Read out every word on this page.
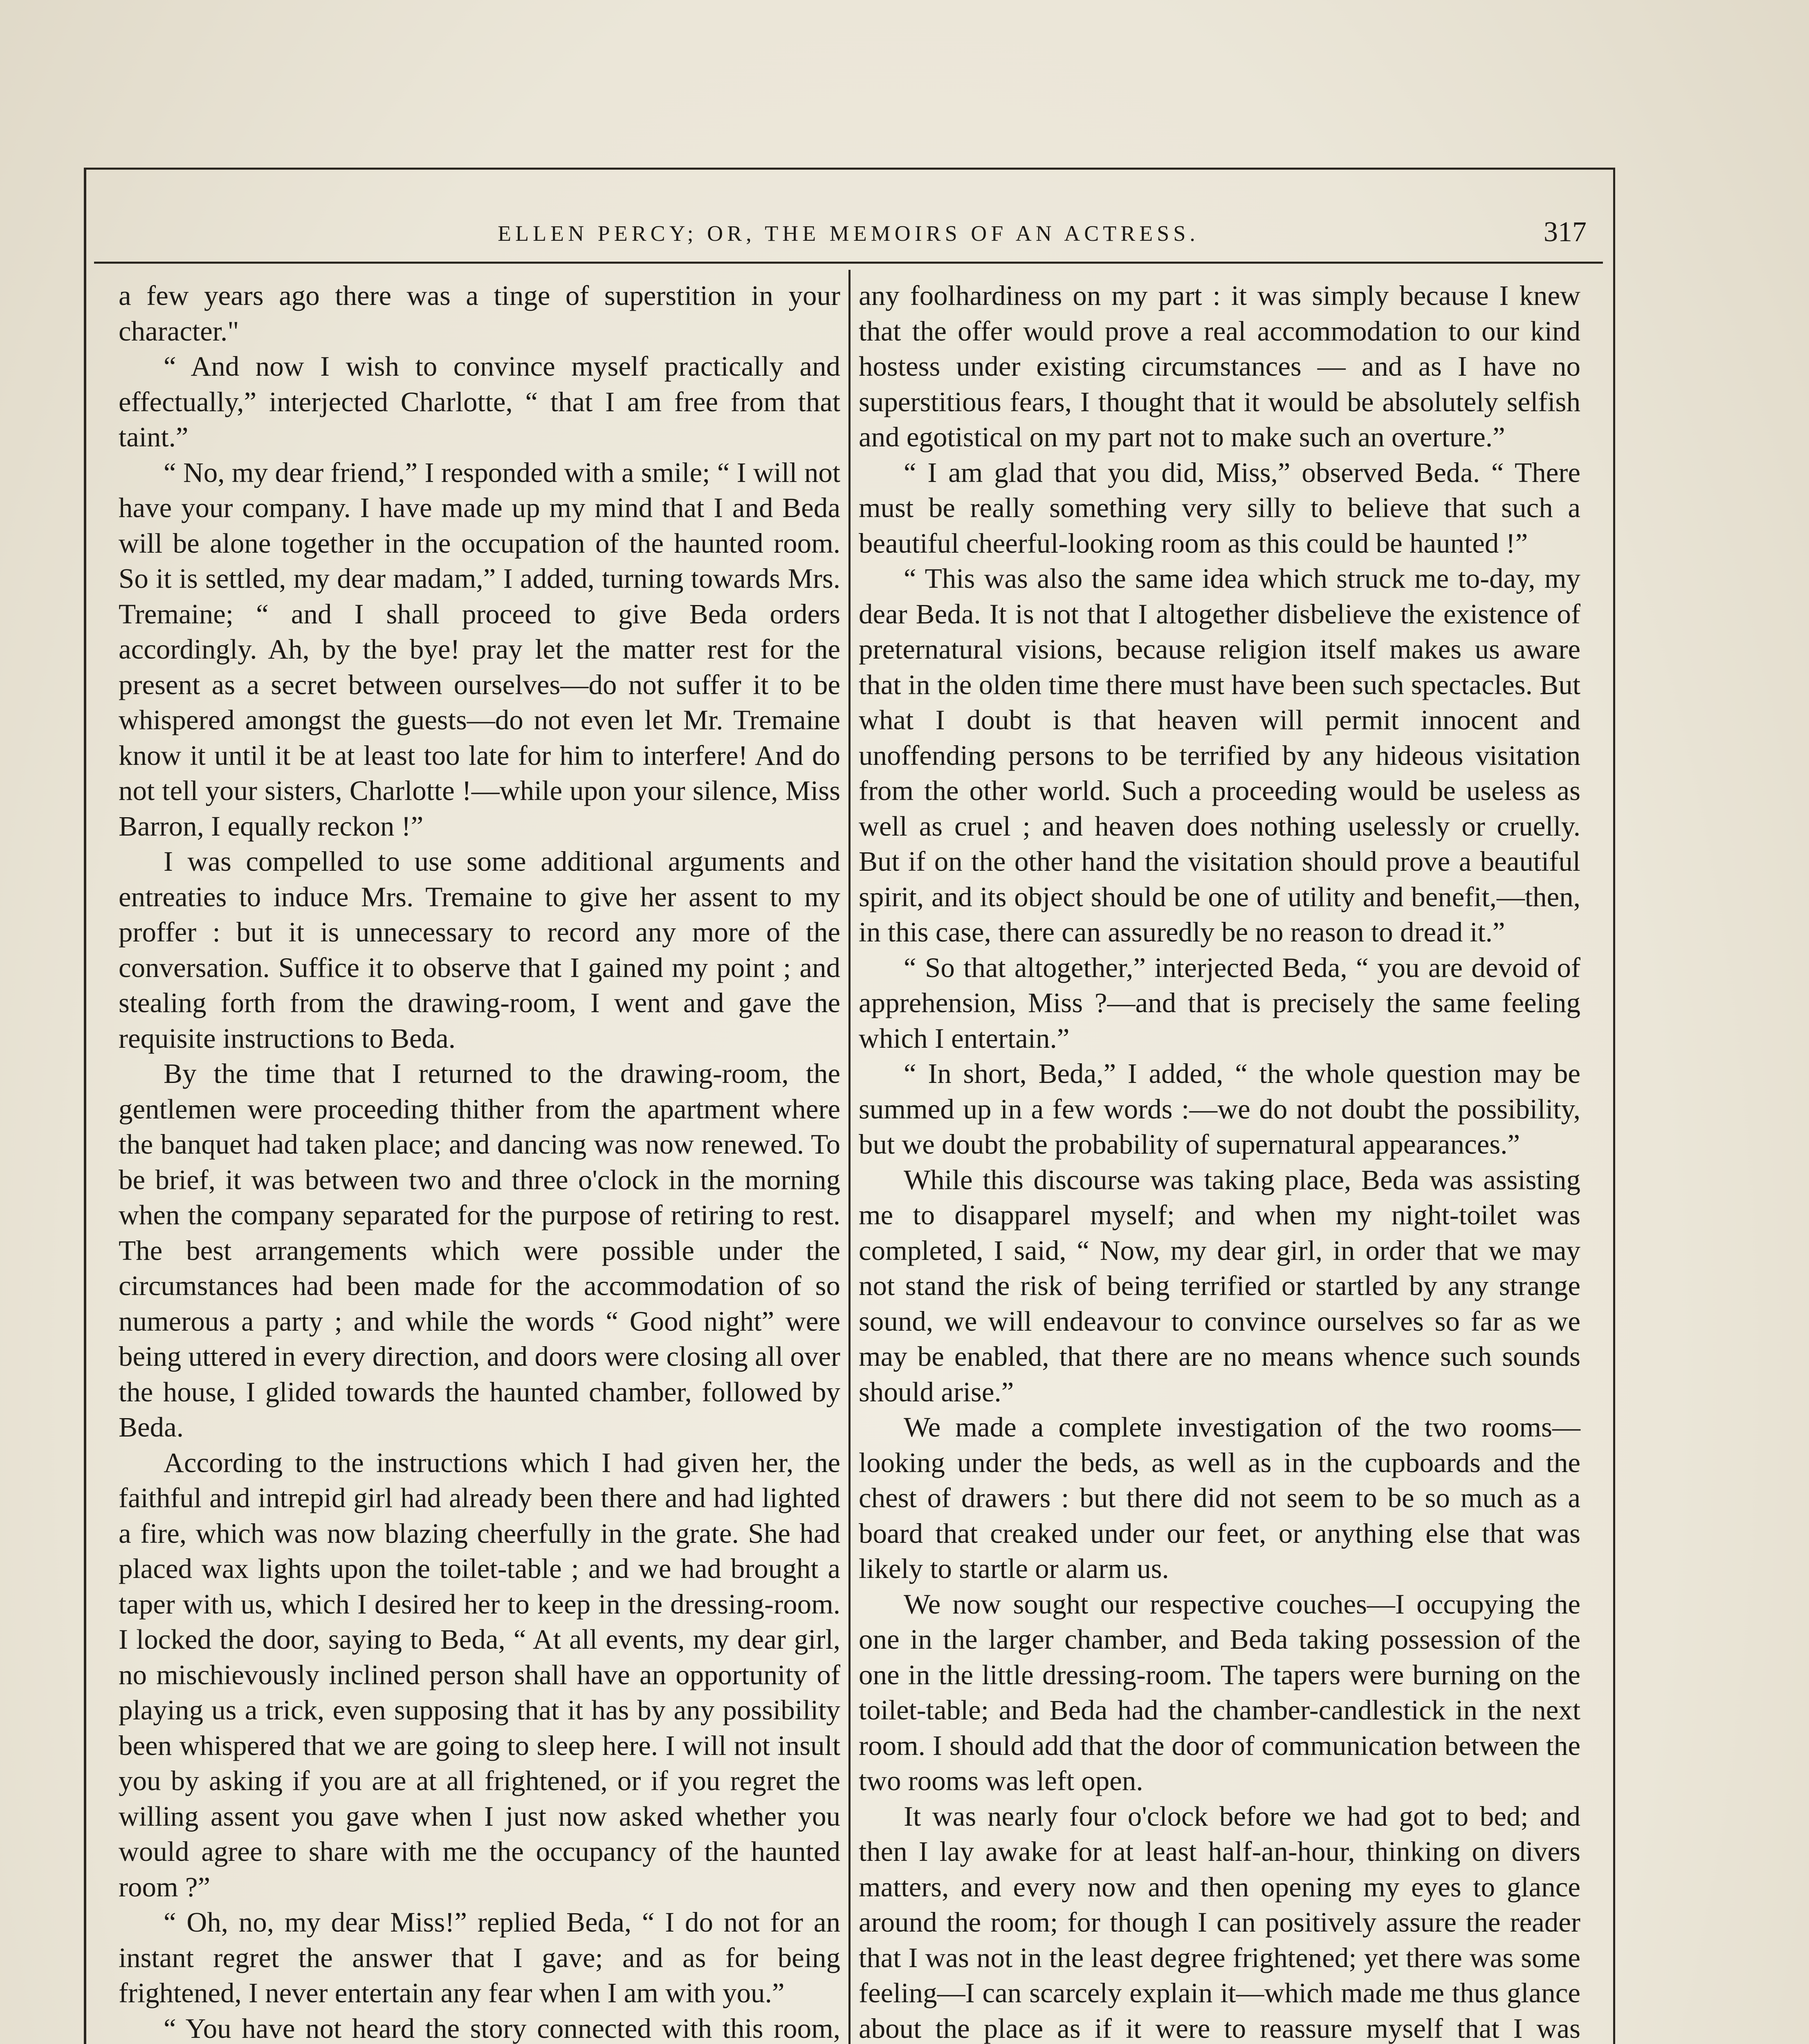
ELLEN PERCY; OR, THE MEMOIRS OF AN ACTRESS.	317

a few years ago there was a tinge of superstition in your character."

“ And now I wish to convince myself practically and effectually,” interjected Charlotte, “ that I am free from that taint.”

“ No, my dear friend,” I responded with a smile; “ I will not have your company. I have made up my mind that I and Beda will be alone together in the occupation of the haunted room. So it is settled, my dear madam,” I added, turning towards Mrs. Tremaine; “ and I shall proceed to give Beda orders accordingly. Ah, by the bye! pray let the matter rest for the present as a secret between ourselves—do not suffer it to be whispered amongst the guests—do not even let Mr. Tremaine know it until it be at least too late for him to interfere! And do not tell your sisters, Charlotte !—while upon your silence, Miss Barron, I equally reckon !”

I was compelled to use some additional arguments and entreaties to induce Mrs. Tremaine to give her assent to my proffer : but it is unnecessary to record any more of the conversation. Suffice it to observe that I gained my point ; and stealing forth from the drawing-room, I went and gave the requisite instructions to Beda.

By the time that I returned to the drawing-room, the gentlemen were proceeding thither from the apartment where the banquet had taken place; and dancing was now renewed. To be brief, it was between two and three o'clock in the morning when the company separated for the purpose of retiring to rest. The best arrangements which were possible under the circumstances had been made for the accommodation of so numerous a party ; and while the words “ Good night” were being uttered in every direction, and doors were closing all over the house, I glided towards the haunted chamber, followed by Beda.

According to the instructions which I had given her, the faithful and intrepid girl had already been there and had lighted a fire, which was now blazing cheerfully in the grate. She had placed wax lights upon the toilet-table ; and we had brought a taper with us, which I desired her to keep in the dressing-room. I locked the door, saying to Beda, “ At all events, my dear girl, no mischievously inclined person shall have an opportunity of playing us a trick, even supposing that it has by any possibility been whispered that we are going to sleep here. I will not insult you by asking if you are at all frightened, or if you regret the willing assent you gave when I just now asked whether you would agree to share with me the occupancy of the haunted room ?”

“ Oh, no, my dear Miss!” replied Beda, “ I do not for an instant regret the answer that I gave; and as for being frightened, I never entertain any fear when I am with you.”

“ You have not heard the story connected with this room,

any foolhardiness on my part : it was simply because I knew that the offer would prove a real accommodation to our kind hostess under existing circumstances — and as I have no superstitious fears, I thought that it would be absolutely selfish and egotistical on my part not to make such an overture.”

“ I am glad that you did, Miss,” observed Beda. “ There must be really something very silly to believe that such a beautiful cheerful-looking room as this could be haunted !”

“ This was also the same idea which struck me to-day, my dear Beda. It is not that I altogether disbelieve the existence of preternatural visions, because religion itself makes us aware that in the olden time there must have been such spectacles. But what I doubt is that heaven will permit innocent and unoffending persons to be terrified by any hideous visitation from the other world. Such a proceeding would be useless as well as cruel ; and heaven does nothing uselessly or cruelly. But if on the other hand the visitation should prove a beautiful spirit, and its object should be one of utility and benefit,—then, in this case, there can assuredly be no reason to dread it.”

“ So that altogether,” interjected Beda, “ you are devoid of apprehension, Miss ?—and that is precisely the same feeling which I entertain.”

“ In short, Beda,” I added, “ the whole question may be summed up in a few words :—we do not doubt the possibility, but we doubt the probability of supernatural appearances.”

While this discourse was taking place, Beda was assisting me to disapparel myself; and when my night-toilet was completed, I said, “ Now, my dear girl, in order that we may not stand the risk of being terrified or startled by any strange sound, we will endeavour to convince ourselves so far as we may be enabled, that there are no means whence such sounds should arise.”

We made a complete investigation of the two rooms—looking under the beds, as well as in the cupboards and the chest of drawers : but there did not seem to be so much as a board that creaked under our feet, or anything else that was likely to startle or alarm us.

We now sought our respective couches—I occupying the one in the larger chamber, and Beda taking possession of the one in the little dressing-room. The tapers were burning on the toilet-table; and Beda had the chamber-candlestick in the next room. I should add that the door of communication between the two rooms was left open.

It was nearly four o'clock before we had got to bed; and then I lay awake for at least half-an-hour, thinking on divers matters, and every now and then opening my eyes to glance around the room; for though I can positively assure the reader that I was not in the least degree frightened; yet there was some feeling—I can scarcely explain it—which made me thus glance about the place as if it were to reassure myself that I was
